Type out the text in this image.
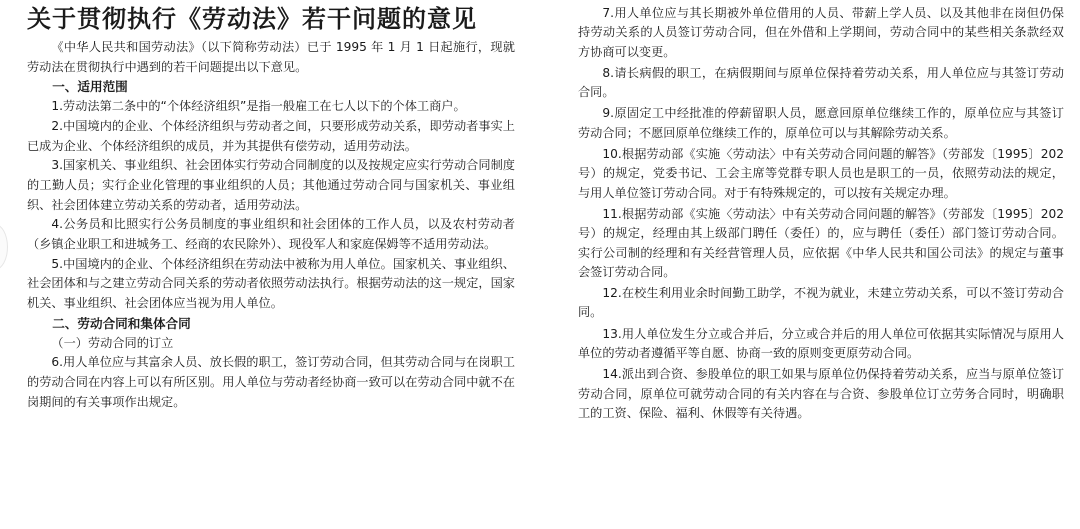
关于贯彻执行《劳动法》若干问题的意见

《中华人民共和国劳动法》（以下简称劳动法）已于 1995 年 1 月 1 日起施行，现就劳动法在贯彻执行中遇到的若干问题提出以下意见。

一、适用范围

1.劳动法第二条中的“个体经济组织”是指一般雇工在七人以下的个体工商户。

2.中国境内的企业、个体经济组织与劳动者之间，只要形成劳动关系，即劳动者事实上已成为企业、个体经济组织的成员，并为其提供有偿劳动，适用劳动法。

3.国家机关、事业组织、社会团体实行劳动合同制度的以及按规定应实行劳动合同制度的工勤人员；实行企业化管理的事业组织的人员；其他通过劳动合同与国家机关、事业组织、社会团体建立劳动关系的劳动者，适用劳动法。

4.公务员和比照实行公务员制度的事业组织和社会团体的工作人员，以及农村劳动者（乡镇企业职工和进城务工、经商的农民除外）、现役军人和家庭保姆等不适用劳动法。

5.中国境内的企业、个体经济组织在劳动法中被称为用人单位。国家机关、事业组织、社会团体和与之建立劳动合同关系的劳动者依照劳动法执行。根据劳动法的这一规定，国家机关、事业组织、社会团体应当视为用人单位。

二、劳动合同和集体合同

（一）劳动合同的订立

6.用人单位应与其富余人员、放长假的职工，签订劳动合同，但其劳动合同与在岗职工的劳动合同在内容上可以有所区别。用人单位与劳动者经协商一致可以在劳动合同中就不在岗期间的有关事项作出规定。

7.用人单位应与其长期被外单位借用的人员、带薪上学人员、以及其他非在岗但仍保持劳动关系的人员签订劳动合同，但在外借和上学期间，劳动合同中的某些相关条款经双方协商可以变更。

8.请长病假的职工，在病假期间与原单位保持着劳动关系，用人单位应与其签订劳动合同。

9.原固定工中经批准的停薪留职人员，愿意回原单位继续工作的，原单位应与其签订劳动合同；不愿回原单位继续工作的，原单位可以与其解除劳动关系。

10.根据劳动部《实施〈劳动法〉中有关劳动合同问题的解答》（劳部发〔1995〕202 号）的规定，党委书记、工会主席等党群专职人员也是职工的一员，依照劳动法的规定，与用人单位签订劳动合同。对于有特殊规定的，可以按有关规定办理。

11.根据劳动部《实施〈劳动法〉中有关劳动合同问题的解答》（劳部发〔1995〕202 号）的规定，经理由其上级部门聘任（委任）的，应与聘任（委任）部门签订劳动合同。实行公司制的经理和有关经营管理人员，应依据《中华人民共和国公司法》的规定与董事会签订劳动合同。

12.在校生利用业余时间勤工助学，不视为就业，未建立劳动关系，可以不签订劳动合同。

13.用人单位发生分立或合并后，分立或合并后的用人单位可依据其实际情况与原用人单位的劳动者遵循平等自愿、协商一致的原则变更原劳动合同。

14.派出到合资、参股单位的职工如果与原单位仍保持着劳动关系，应当与原单位签订劳动合同，原单位可就劳动合同的有关内容在与合资、参股单位订立劳务合同时，明确职工的工资、保险、福利、休假等有关待遇。
